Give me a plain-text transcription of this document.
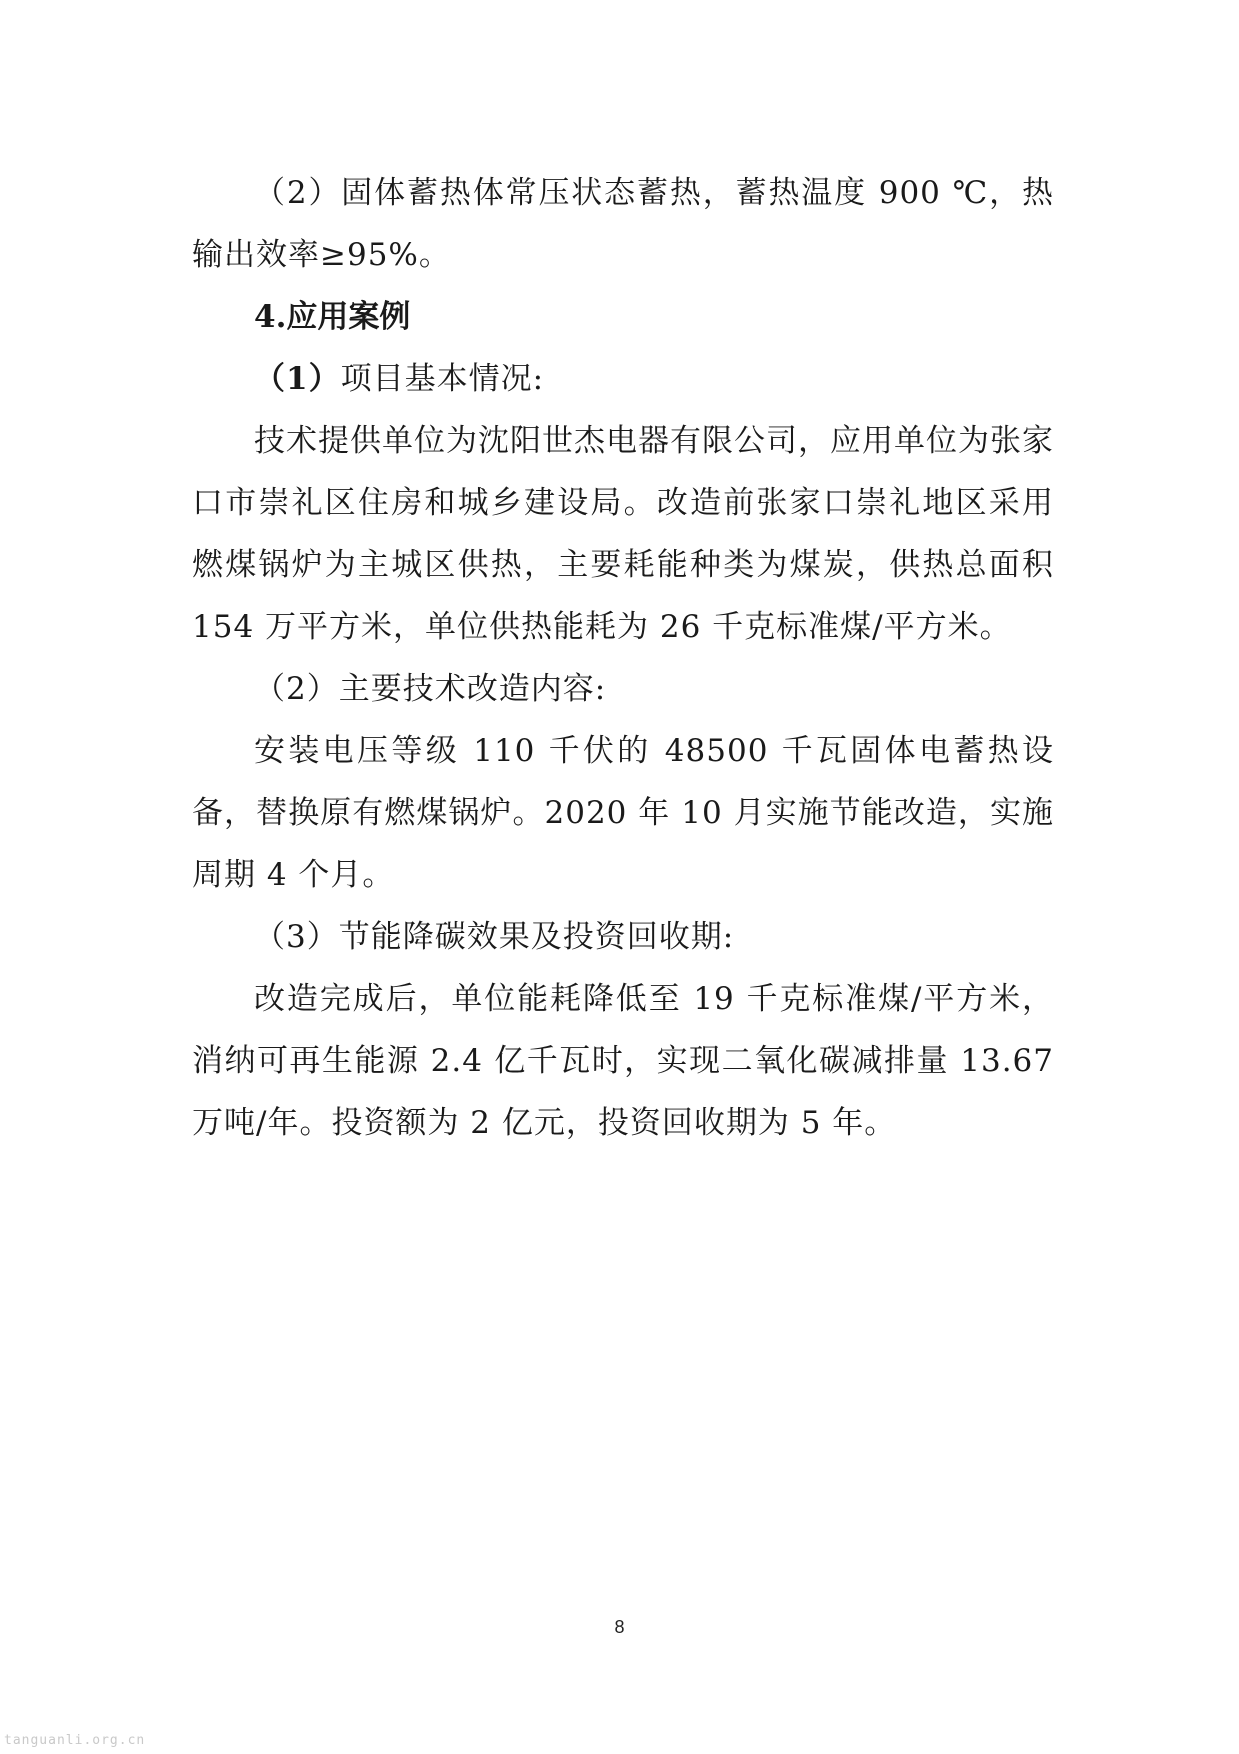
（2）固体蓄热体常压状态蓄热，蓄热温度 900 ℃，热输出效率≥95%。

4.应用案例

（1）项目基本情况:

技术提供单位为沈阳世杰电器有限公司，应用单位为张家口市崇礼区住房和城乡建设局。改造前张家口崇礼地区采用燃煤锅炉为主城区供热，主要耗能种类为煤炭，供热总面积 154 万平方米，单位供热能耗为 26 千克标准煤/平方米。

（2）主要技术改造内容:

安装电压等级 110 千伏的 48500 千瓦固体电蓄热设备，替换原有燃煤锅炉。2020 年 10 月实施节能改造，实施周期 4 个月。

（3）节能降碳效果及投资回收期:

改造完成后，单位能耗降低至 19 千克标准煤/平方米，消纳可再生能源 2.4 亿千瓦时，实现二氧化碳减排量 13.67 万吨/年。投资额为 2 亿元，投资回收期为 5 年。

8
tanguanli.org.cn
